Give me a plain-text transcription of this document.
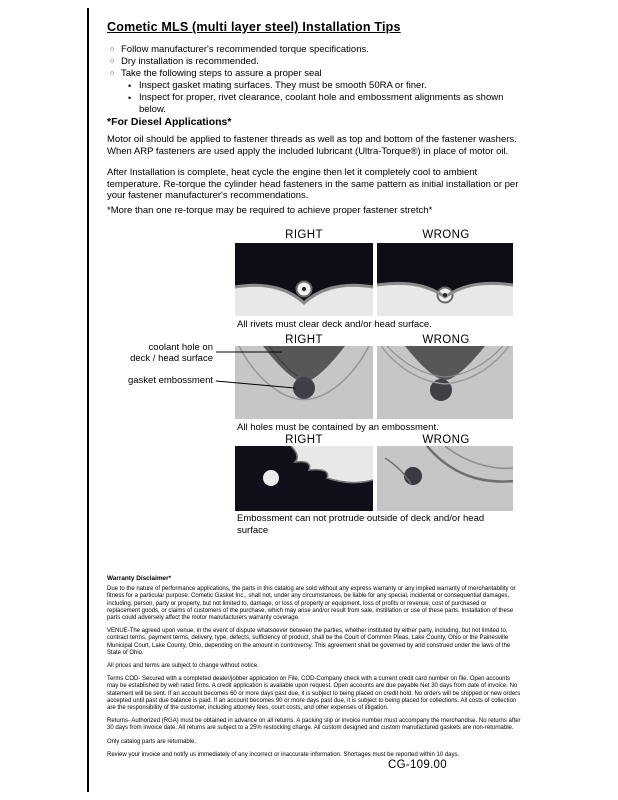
Cometic MLS (multi layer steel) Installation Tips
○ Follow manufacturer's recommended torque specifications.
○ Dry installation is recommended.
○ Take the following steps to assure a proper seal
• Inspect gasket mating surfaces. They must be smooth 50RA or finer.
• Inspect for proper, rivet clearance, coolant hole and embossment alignments as shown below.
*For Diesel Applications*
Motor oil should be applied to fastener threads as well as top and bottom of the fastener washers. When ARP fasteners are used apply the included lubricant (Ultra-Torque®) in place of motor oil.
After Installation is complete, heat cycle the engine then let it completely cool to ambient temperature. Re-torque the cylinder head fasteners in the same pattern as initial installation or per your fastener manufacturer's recommendations.
*More than one re-torque may be required to achieve proper fastener stretch*
RIGHT	WRONG
All rivets must clear deck and/or head surface.
RIGHT	WRONG
All holes must be contained by an embossment.
coolant hole on
deck / head surface
gasket embossment
RIGHT	WRONG
Embossment can not protrude outside of deck and/or head surface
Warranty Disclaimer*

Due to the nature of performance applications, the parts in this catalog are sold without any express warranty or any implied warranty of merchantability or fitness for a particular purpose. Cometic Gasket Inc., shall not, under any circumstances, be liable for any special, incidental or consequential damages, including, person, party or property, but not limited to, damage, or loss of property or equipment, loss of profits or revenue, cost of purchased or replacement goods, or claims of customers of the purchase, which may arise and/or result from sale, instillation or use of these parts. Installation of these parts could adversely affect the motor manufacturers warranty coverage.

VENUE-The agreed upon venue, in the event of dispute whatsoever between the parties, whether instituted by either party, including, but not limited to, contract terms, payment terms, delivery, type, defects, sufficiency of product, shall be the Court of Common Pleas, Lake County, Ohio or the Painesville Municipal Court, Lake County, Ohio, depending on the amount in controversy. This agreement shall be governed by and construed under the laws of the State of Ohio.

All prices and terms are subject to change without notice.

Terms COD- Secured with a completed dealer/jobber application on File, COD-Company check with a current credit card number on file. Open accounts may be established by well rated firms. A credit application is available upon request. Open accounts are due payable Net 30 days from date of invoice. No statement will be sent. If an account becomes 60 or more days past due, it is subject to being placed on credit hold. No orders will be shipped or new orders accepted until past due balance is paid. If an account becomes 90 or more days past due, it is subject to being placed for collections. All costs of collection are the responsibility of the customer, including attorney fees, court costs, and other expenses of litigation.

Returns- Authorized (RGA) must be obtained in advance on all returns. A packing slip or invoice number must accompany the merchandise. No returns after 30 days from invoice date. All returns are subject to a 25% restocking charge. All custom designed and custom manufactured gaskets are non-returnable.

Only catalog parts are returnable.

Review your invoice and notify us immediately of any incorrect or inaccurate information. Shortages must be reported within 10 days.

CG-109.00
